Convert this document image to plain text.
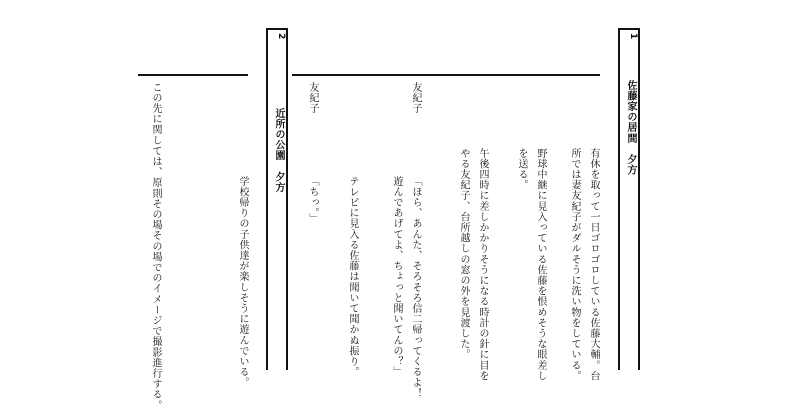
1
佐藤家の居間　夕方
有休を取って一日ゴロゴロしている佐藤大輔。台
所では妻友紀子がダルそうに洗い物をしている。
野球中継に見入っている佐藤を恨めそうな眼差し
を送る。
午後四時に差しかかりそうになる時計の針に目を
やる友紀子、台所越しの窓の外を見渡した。
友紀子
「ほら、あんた、そろそろ信二帰ってくるよ！
遊んであげてよ、ちょっと聞いてんの？」
テレビに見入る佐藤は聞いて聞かぬ振り。
友紀子
「ちっ。」
2
近所の公園　夕方
学校帰りの子供達が楽しそうに遊んでいる。
この先に関しては、原則その場その場でのイメージで撮影進行する。
